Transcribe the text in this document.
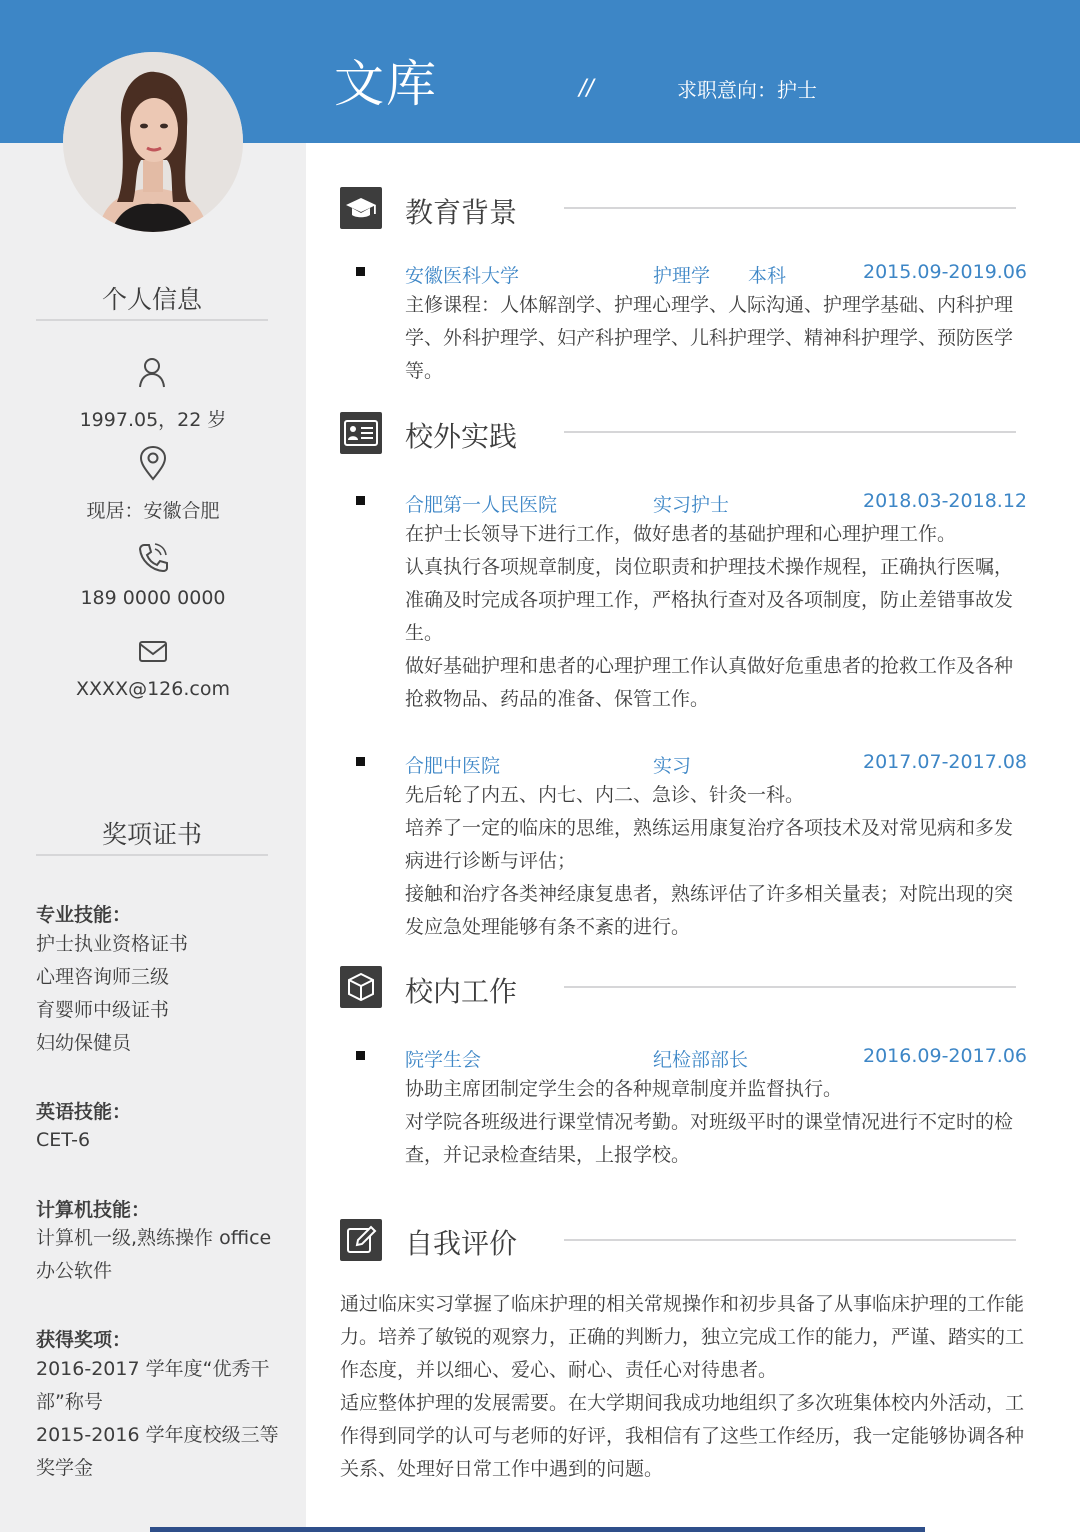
文库	//	求职意向：护士
个人信息
1997.05，22 岁
现居：安徽合肥
189 0000 0000
XXXX@126.com
奖项证书
专业技能：
护士执业资格证书
心理咨询师三级
育婴师中级证书
妇幼保健员
英语技能：
CET-6
计算机技能：
计算机一级,熟练操作 office
办公软件
获得奖项：
2016-2017 学年度“优秀干
部”称号
2015-2016 学年度校级三等
奖学金
教育背景
安徽医科大学	护理学 本科	2015.09-2019.06

主修课程：人体解剖学、护理心理学、人际沟通、护理学基础、内科护理学、外科护理学、妇产科护理学、儿科护理学、精神科护理学、预防医学等。

校外实践
合肥第一人民医院	实习护士	2018.03-2018.12

在护士长领导下进行工作，做好患者的基础护理和心理护理工作。

认真执行各项规章制度，岗位职责和护理技术操作规程，正确执行医嘱，准确及时完成各项护理工作，严格执行查对及各项制度，防止差错事故发生。

做好基础护理和患者的心理护理工作认真做好危重患者的抢救工作及各种抢救物品、药品的准备、保管工作。

合肥中医院	实习	2017.07-2017.08

先后轮了内五、内七、内二、急诊、针灸一科。

培养了一定的临床的思维，熟练运用康复治疗各项技术及对常见病和多发病进行诊断与评估；

接触和治疗各类神经康复患者，熟练评估了许多相关量表；对院出现的突发应急处理能够有条不紊的进行。

校内工作
院学生会	纪检部部长	2016.09-2017.06

协助主席团制定学生会的各种规章制度并监督执行。

对学院各班级进行课堂情况考勤。对班级平时的课堂情况进行不定时的检查，并记录检查结果，上报学校。

自我评价

通过临床实习掌握了临床护理的相关常规操作和初步具备了从事临床护理的工作能力。培养了敏锐的观察力，正确的判断力，独立完成工作的能力，严谨、踏实的工作态度，并以细心、爱心、耐心、责任心对待患者。

适应整体护理的发展需要。在大学期间我成功地组织了多次班集体校内外活动，工作得到同学的认可与老师的好评，我相信有了这些工作经历，我一定能够协调各种关系、处理好日常工作中遇到的问题。
